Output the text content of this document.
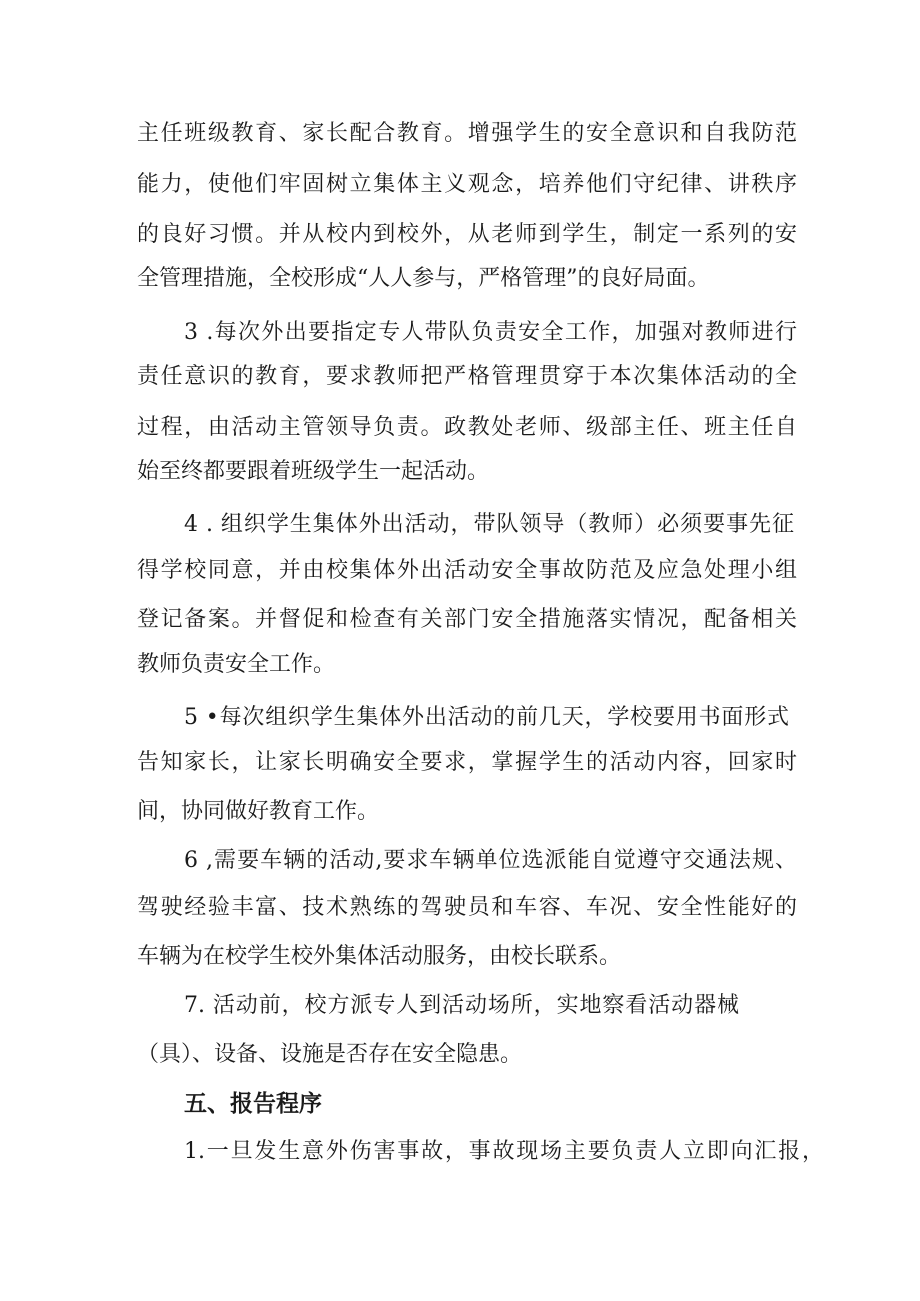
主任班级教育、家长配合教育。增强学生的安全意识和自我防范
能力，使他们牢固树立集体主义观念，培养他们守纪律、讲秩序
的良好习惯。并从校内到校外，从老师到学生，制定一系列的安
全管理措施，全校形成“人人参与，严格管理”的良好局面。
3 .每次外出要指定专人带队负责安全工作，加强对教师进行
责任意识的教育，要求教师把严格管理贯穿于本次集体活动的全
过程，由活动主管领导负责。政教处老师、级部主任、班主任自
始至终都要跟着班级学生一起活动。
4 . 组织学生集体外出活动，带队领导（教师）必须要事先征
得学校同意，并由校集体外出活动安全事故防范及应急处理小组
登记备案。并督促和检查有关部门安全措施落实情况，配备相关
教师负责安全工作。
5 •每次组织学生集体外出活动的前几天，学校要用书面形式
告知家长，让家长明确安全要求，掌握学生的活动内容，回家时
间，协同做好教育工作。
6 ,需要车辆的活动,要求车辆单位选派能自觉遵守交通法规、
驾驶经验丰富、技术熟练的驾驶员和车容、车况、安全性能好的
车辆为在校学生校外集体活动服务，由校长联系。
7. 活动前，校方派专人到活动场所，实地察看活动器械
（具）、设备、设施是否存在安全隐患。
五、报告程序
1.一旦发生意外伤害事故，事故现场主要负责人立即向汇报，
